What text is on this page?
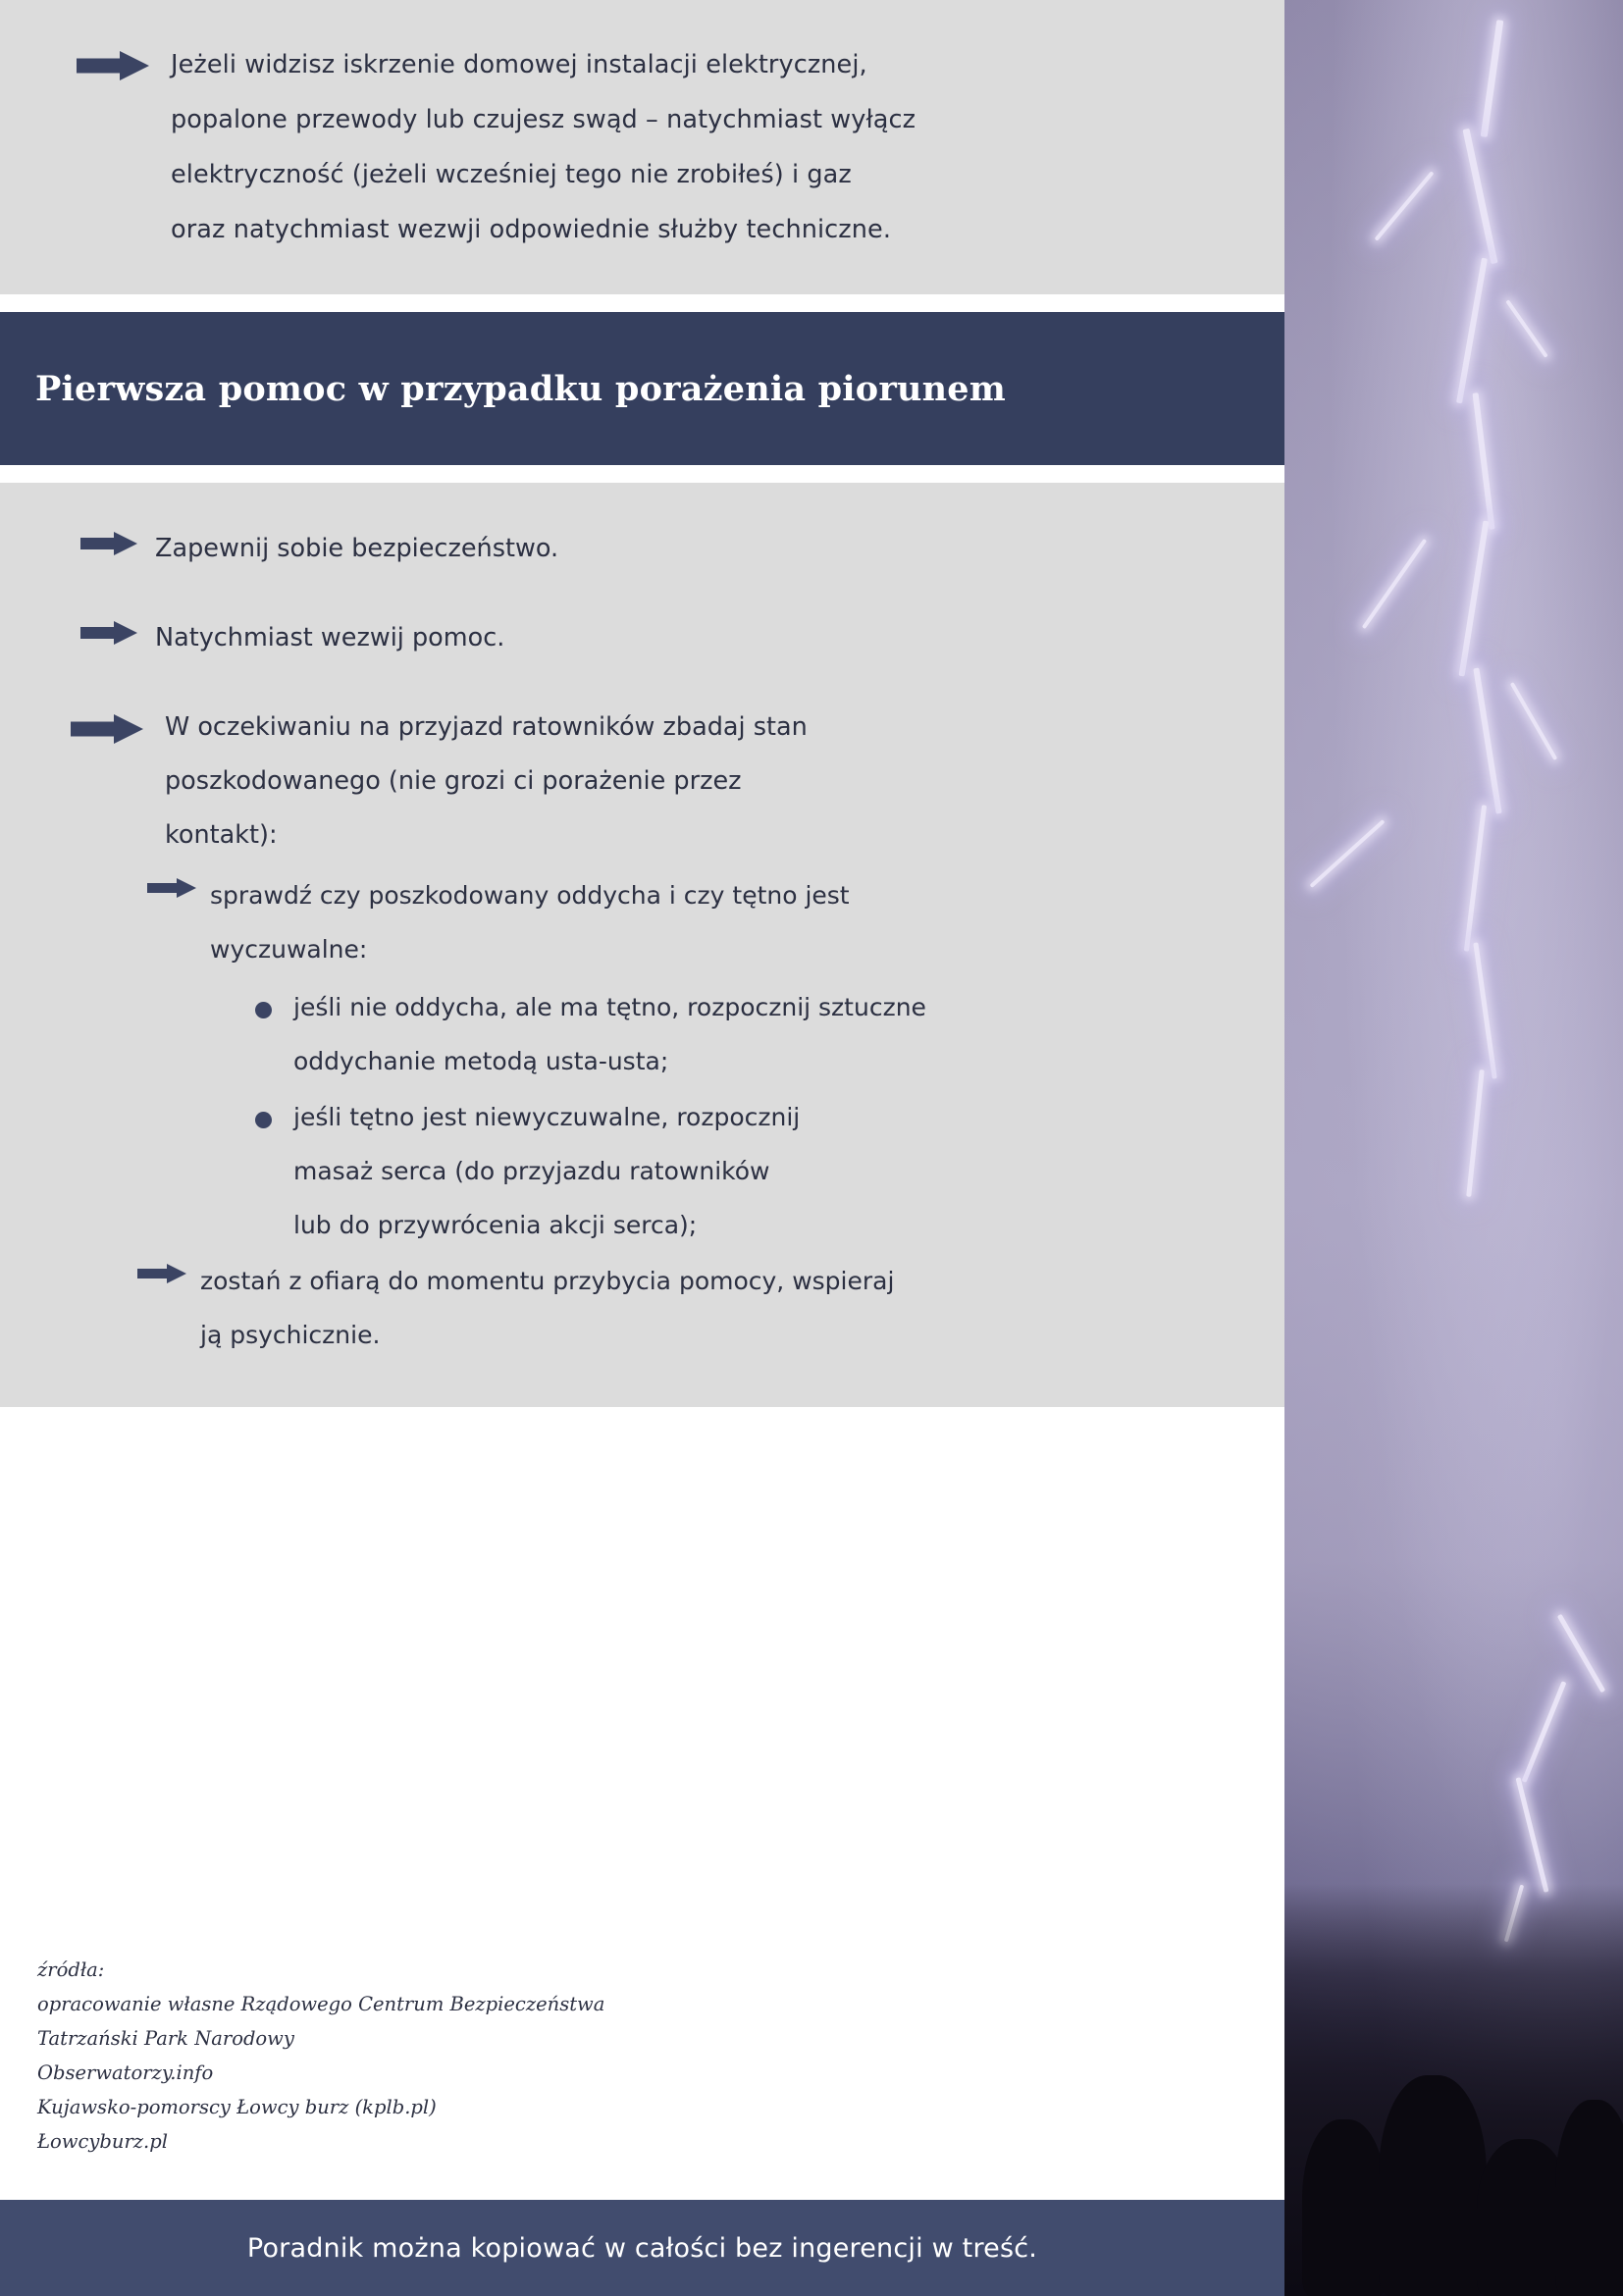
Jeżeli widzisz iskrzenie domowej instalacji elektrycznej,
popalone przewody lub czujesz swąd – natychmiast wyłącz
elektryczność (jeżeli wcześniej tego nie zrobiłeś) i gaz
oraz natychmiast wezwji odpowiednie służby techniczne.
Pierwsza pomoc w przypadku porażenia piorunem
Zapewnij sobie bezpieczeństwo.
Natychmiast wezwij pomoc.
W oczekiwaniu na przyjazd ratowników zbadaj stan
poszkodowanego (nie grozi ci porażenie przez
kontakt):
sprawdź czy poszkodowany oddycha i czy tętno jest
wyczuwalne:
jeśli nie oddycha, ale ma tętno, rozpocznij sztuczne
oddychanie metodą usta-usta;
jeśli tętno jest niewyczuwalne, rozpocznij
masaż serca (do przyjazdu ratowników
lub do przywrócenia akcji serca);
zostań z ofiarą do momentu przybycia pomocy, wspieraj
ją psychicznie.
źródła:
opracowanie własne Rządowego Centrum Bezpieczeństwa
Tatrzański Park Narodowy
Obserwatorzy.info
Kujawsko-pomorscy Łowcy burz (kplb.pl)
Łowcyburz.pl
Poradnik można kopiować w całości bez ingerencji w treść.
